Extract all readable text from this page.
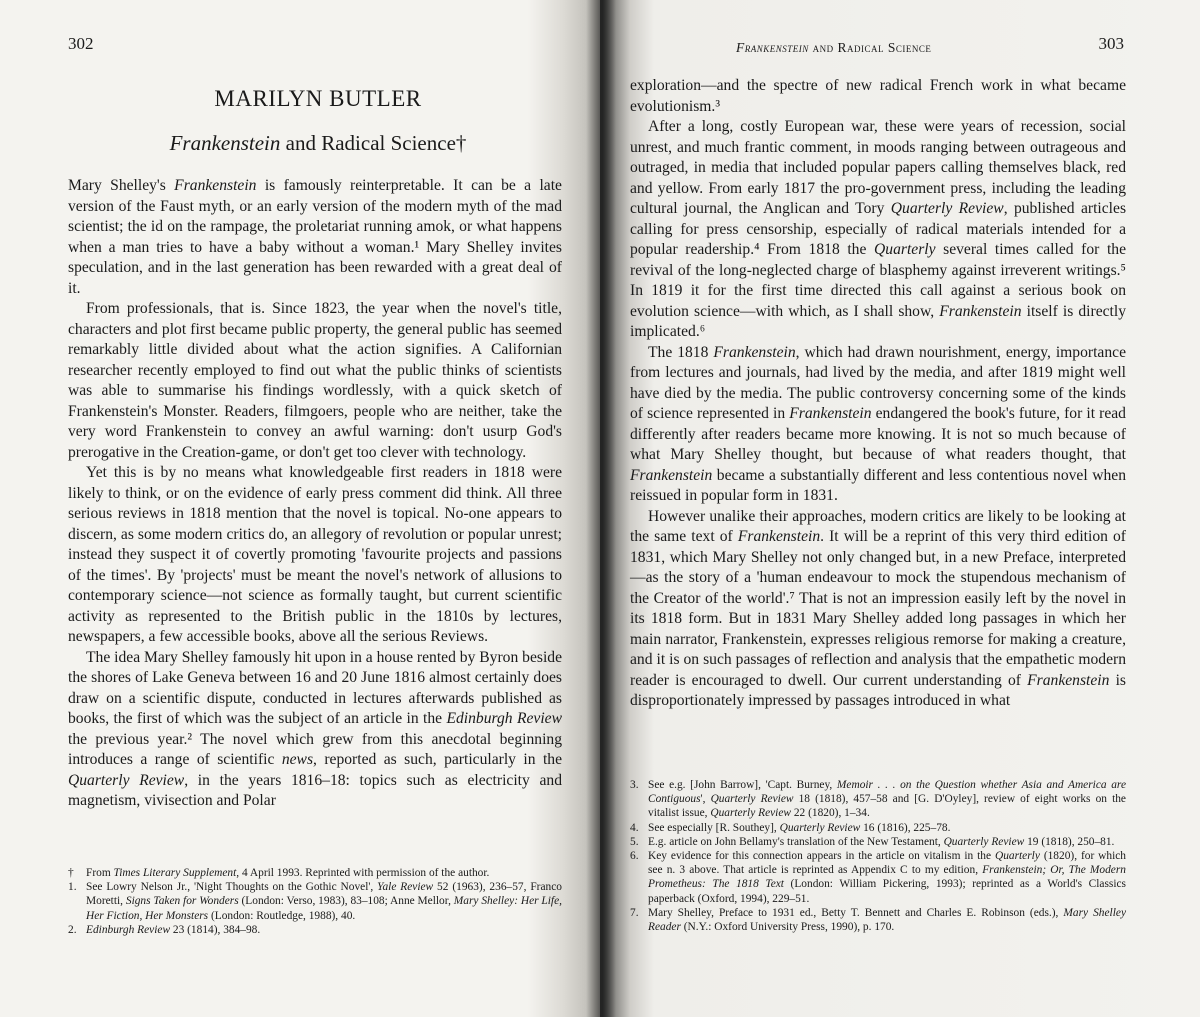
302
MARILYN BUTLER
Frankenstein and Radical Science†

Mary Shelley's Frankenstein is famously reinterpretable. It can be a late version of the Faust myth, or an early version of the modern myth of the mad scientist; the id on the rampage, the proletariat running amok, or what happens when a man tries to have a baby without a woman.¹ Mary Shelley invites speculation, and in the last generation has been rewarded with a great deal of it.

From professionals, that is. Since 1823, the year when the novel's title, characters and plot first became public property, the general public has seemed remarkably little divided about what the action signifies. A Californian researcher recently employed to find out what the public thinks of scientists was able to summarise his findings wordlessly, with a quick sketch of Frankenstein's Monster. Readers, filmgoers, people who are neither, take the very word Frankenstein to convey an awful warning: don't usurp God's prerogative in the Creation-game, or don't get too clever with technology.

Yet this is by no means what knowledgeable first readers in 1818 were likely to think, or on the evidence of early press comment did think. All three serious reviews in 1818 mention that the novel is topical. No-one appears to discern, as some modern critics do, an allegory of revolution or popular unrest; instead they suspect it of covertly promoting 'favourite projects and passions of the times'. By 'projects' must be meant the novel's network of allusions to contemporary science—not science as formally taught, but current scientific activity as represented to the British public in the 1810s by lectures, newspapers, a few accessible books, above all the serious Reviews.

The idea Mary Shelley famously hit upon in a house rented by Byron beside the shores of Lake Geneva between 16 and 20 June 1816 almost certainly does draw on a scientific dispute, conducted in lectures afterwards published as books, the first of which was the subject of an article in the Edinburgh Review the previous year.² The novel which grew from this anecdotal beginning introduces a range of scientific news, reported as such, particularly in the Quarterly Review, in the years 1816–18: topics such as electricity and magnetism, vivisection and Polar

† From Times Literary Supplement, 4 April 1993. Reprinted with permission of the author.
1. See Lowry Nelson Jr., 'Night Thoughts on the Gothic Novel', Yale Review 52 (1963), 236–57, Franco Moretti, Signs Taken for Wonders (London: Verso, 1983), 83–108; Anne Mellor, Mary Shelley: Her Life, Her Fiction, Her Monsters (London: Routledge, 1988), 40.
2. Edinburgh Review 23 (1814), 384–98.
Frankenstein and Radical Science	303

exploration—and the spectre of new radical French work in what became evolutionism.³

After a long, costly European war, these were years of recession, social unrest, and much frantic comment, in moods ranging between outrageous and outraged, in media that included popular papers calling themselves black, red and yellow. From early 1817 the pro-government press, including the leading cultural journal, the Anglican and Tory Quarterly Review, published articles calling for press censorship, especially of radical materials intended for a popular readership.⁴ From 1818 the Quarterly several times called for the revival of the long-neglected charge of blasphemy against irreverent writings.⁵ In 1819 it for the first time directed this call against a serious book on evolution science—with which, as I shall show, Frankenstein itself is directly implicated.⁶

The 1818 Frankenstein, which had drawn nourishment, energy, importance from lectures and journals, had lived by the media, and after 1819 might well have died by the media. The public controversy concerning some of the kinds of science represented in Frankenstein endangered the book's future, for it read differently after readers became more knowing. It is not so much because of what Mary Shelley thought, but because of what readers thought, that Frankenstein became a substantially different and less contentious novel when reissued in popular form in 1831.

However unalike their approaches, modern critics are likely to be looking at the same text of Frankenstein. It will be a reprint of this very third edition of 1831, which Mary Shelley not only changed but, in a new Preface, interpreted—as the story of a 'human endeavour to mock the stupendous mechanism of the Creator of the world'.⁷ That is not an impression easily left by the novel in its 1818 form. But in 1831 Mary Shelley added long passages in which her main narrator, Frankenstein, expresses religious remorse for making a creature, and it is on such passages of reflection and analysis that the empathetic modern reader is encouraged to dwell. Our current understanding of Frankenstein is disproportionately impressed by passages introduced in what

3. See e.g. [John Barrow], 'Capt. Burney, Memoir . . . on the Question whether Asia and America are Contiguous', Quarterly Review 18 (1818), 457–58 and [G. D'Oyley], review of eight works on the vitalist issue, Quarterly Review 22 (1820), 1–34.
4. See especially [R. Southey], Quarterly Review 16 (1816), 225–78.
5. E.g. article on John Bellamy's translation of the New Testament, Quarterly Review 19 (1818), 250–81.
6. Key evidence for this connection appears in the article on vitalism in the Quarterly (1820), for which see n. 3 above. That article is reprinted as Appendix C to my edition, Frankenstein; Or, The Modern Prometheus: The 1818 Text (London: William Pickering, 1993); reprinted as a World's Classics paperback (Oxford, 1994), 229–51.
7. Mary Shelley, Preface to 1931 ed., Betty T. Bennett and Charles E. Robinson (eds.), Mary Shelley Reader (N.Y.: Oxford University Press, 1990), p. 170.
